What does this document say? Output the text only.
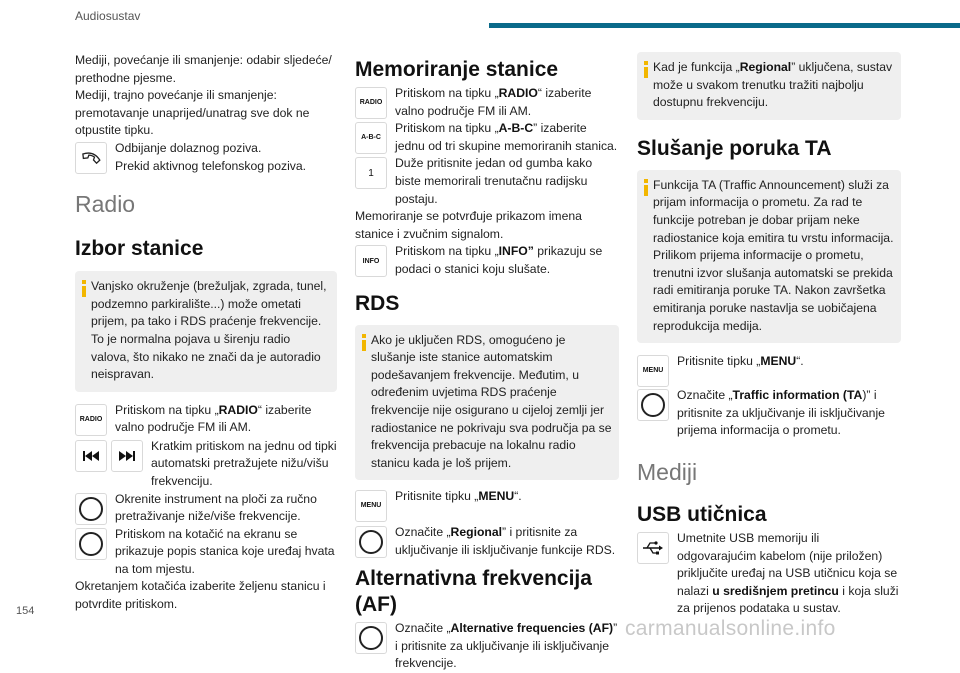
Audiosustav
154
carmanualsonline.info

Mediji, povećanje ili smanjenje: odabir sljedeće/ prethodne pjesme.

Mediji, trajno povećanje ili smanjenje: premotavanje unaprijed/unatrag sve dok ne otpustite tipku.

Odbijanje dolaznog poziva.

Prekid aktivnog telefonskog poziva.

Radio
Izbor stanice

Vanjsko okruženje (brežuljak, zgrada, tunel, podzemno parkiralište...) može ometati prijem, pa tako i RDS praćenje frekvencije.

To je normalna pojava u širenju radio valova, što nikako ne znači da je autoradio neispravan.

RADIO
Pritiskom na tipku „RADIO“ izaberite valno područje FM ili AM.
Kratkim pritiskom na jednu od tipki automatski pretražujete nižu/višu frekvenciju.
Okrenite instrument na ploči za ručno pretraživanje niže/više frekvencije.
Pritiskom na kotačić na ekranu se prikazuje popis stanica koje uređaj hvata na tom mjestu.

Okretanjem kotačića izaberite željenu stanicu i potvrdite pritiskom.

Memoriranje stanice
RADIO
Pritiskom na tipku „RADIO“ izaberite valno područje FM ili AM.
A-B-C
Pritiskom na tipku „A-B-C” izaberite jednu od tri skupine memoriranih stanica.
1
Duže pritisnite jedan od gumba kako biste memorirali trenutačnu radijsku postaju.

Memoriranje se potvrđuje prikazom imena stanice i zvučnim signalom.

INFO
Pritiskom na tipku „INFO” prikazuju se podaci o stanici koju slušate.
RDS

Ako je uključen RDS, omogućeno je slušanje iste stanice automatskim podešavanjem frekvencije. Međutim, u određenim uvjetima RDS praćenje frekvencije nije osigurano u cijeloj zemlji jer radiostanice ne pokrivaju sva područja pa se frekvencija prebacuje na lokalnu radio stanicu kada je loš prijem.

MENU
Pritisnite tipku „MENU“.
Označite „Regional” i pritisnite za uključivanje ili isključivanje funkcije RDS.
Alternativna frekvencija (AF)
Označite „Alternative frequencies (AF)” i pritisnite za uključivanje ili isključivanje frekvencije.

Kad je funkcija „Regional” uključena, sustav može u svakom trenutku tražiti najbolju dostupnu frekvenciju.

Slušanje poruka TA

Funkcija TA (Traffic Announcement) služi za prijam informacija o prometu. Za rad te funkcije potreban je dobar prijam neke radiostanice koja emitira tu vrstu informacija. Prilikom prijema informacije o prometu, trenutni izvor slušanja automatski se prekida radi emitiranja poruke TA. Nakon završetka emitiranja poruke nastavlja se uobičajena reprodukcija medija.

MENU
Pritisnite tipku „MENU“.
Označite „Traffic information (TA)” i pritisnite za uključivanje ili isključivanje prijema informacija o prometu.
Mediji
USB utičnica
Umetnite USB memoriju ili odgovarajućim kabelom (nije priložen) priključite uređaj na USB utičnicu koja se nalazi u središnjem pretincu i koja služi za prijenos podataka u sustav.
